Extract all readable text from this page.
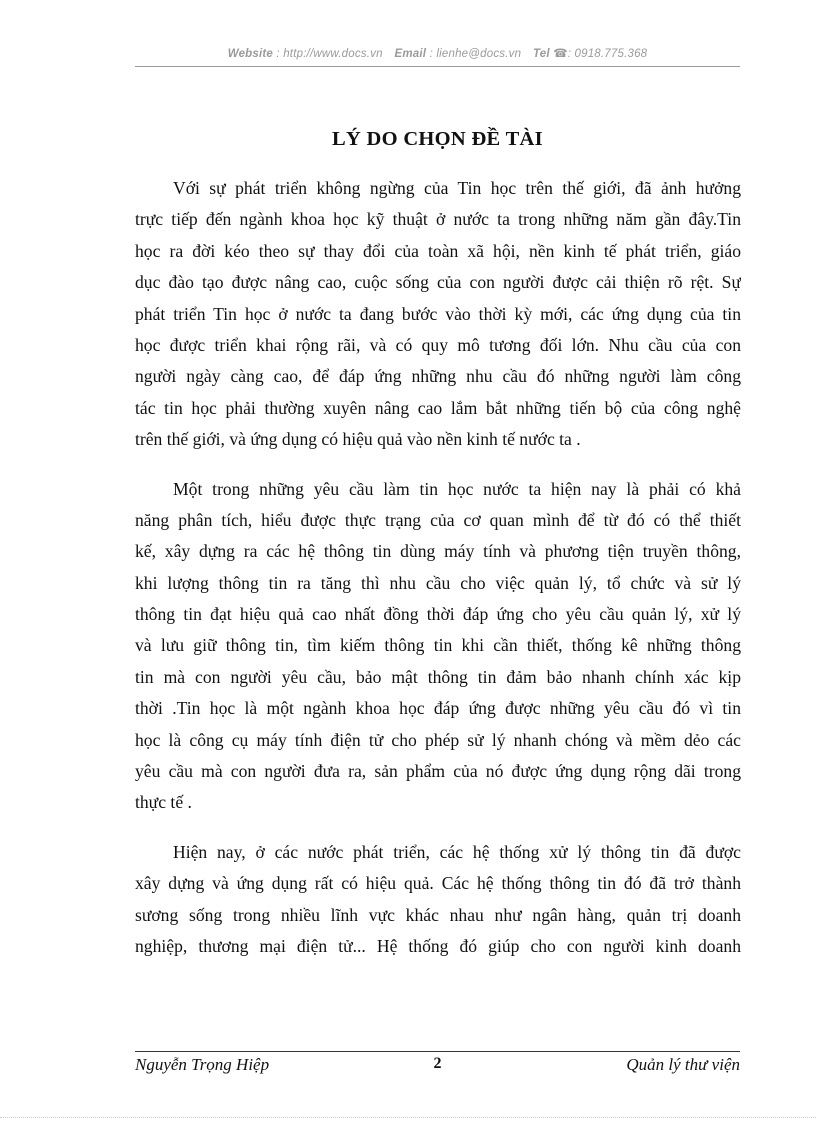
Website : http://www.docs.vn Email : lienhe@docs.vn Tel ☎: 0918.775.368
LÝ DO CHỌN ĐỀ TÀI
Với sự phát triển không ngừng của Tin học trên thế giới, đã ảnh hưởng
trực tiếp đến ngành khoa học kỹ thuật ở nước ta trong những năm gần đây.Tin
học ra đời kéo theo sự thay đổi của toàn xã hội, nền kinh tế phát triển, giáo
dục đào tạo được nâng cao, cuộc sống của con người được cải thiện rõ rệt. Sự
phát triển Tin học ở nước ta đang bước vào thời kỳ mới, các ứng dụng của tin
học được triển khai rộng rãi, và có quy mô tương đối lớn. Nhu cầu của con
người ngày càng cao, để đáp ứng những nhu cầu đó những người làm công
tác tin học phải thường xuyên nâng cao lắm bắt những tiến bộ của công nghệ
trên thế giới, và ứng dụng có hiệu quả vào nền kinh tế nước ta .
Một trong những yêu cầu làm tin học nước ta hiện nay là phải có khả
năng phân tích, hiểu được thực trạng của cơ quan mình để từ đó có thể thiết
kế, xây dựng ra các hệ thông tin dùng máy tính và phương tiện truyền thông,
khi lượng thông tin ra tăng thì nhu cầu cho việc quản lý, tổ chức và sử lý
thông tin đạt hiệu quả cao nhất đồng thời đáp ứng cho yêu cầu quản lý, xử lý
và lưu giữ thông tin, tìm kiếm thông tin khi cần thiết, thống kê những thông
tin mà con người yêu cầu, bảo mật thông tin đảm bảo nhanh chính xác kịp
thời .Tin học là một ngành khoa học đáp ứng được những yêu cầu đó vì tin
học là công cụ máy tính điện tử cho phép sử lý nhanh chóng và mềm dẻo các
yêu cầu mà con người đưa ra, sản phẩm của nó được ứng dụng rộng dãi trong
thực tế .
Hiện nay, ở các nước phát triển, các hệ thống xử lý thông tin đã được
xây dựng và ứng dụng rất có hiệu quả. Các hệ thống thông tin đó đã trở thành
sương sống trong nhiều lĩnh vực khác nhau như ngân hàng, quản trị doanh
nghiệp, thương mại điện tử... Hệ thống đó giúp cho con người kinh doanh
Nguyễn Trọng Hiệp	2	Quản lý thư viện
